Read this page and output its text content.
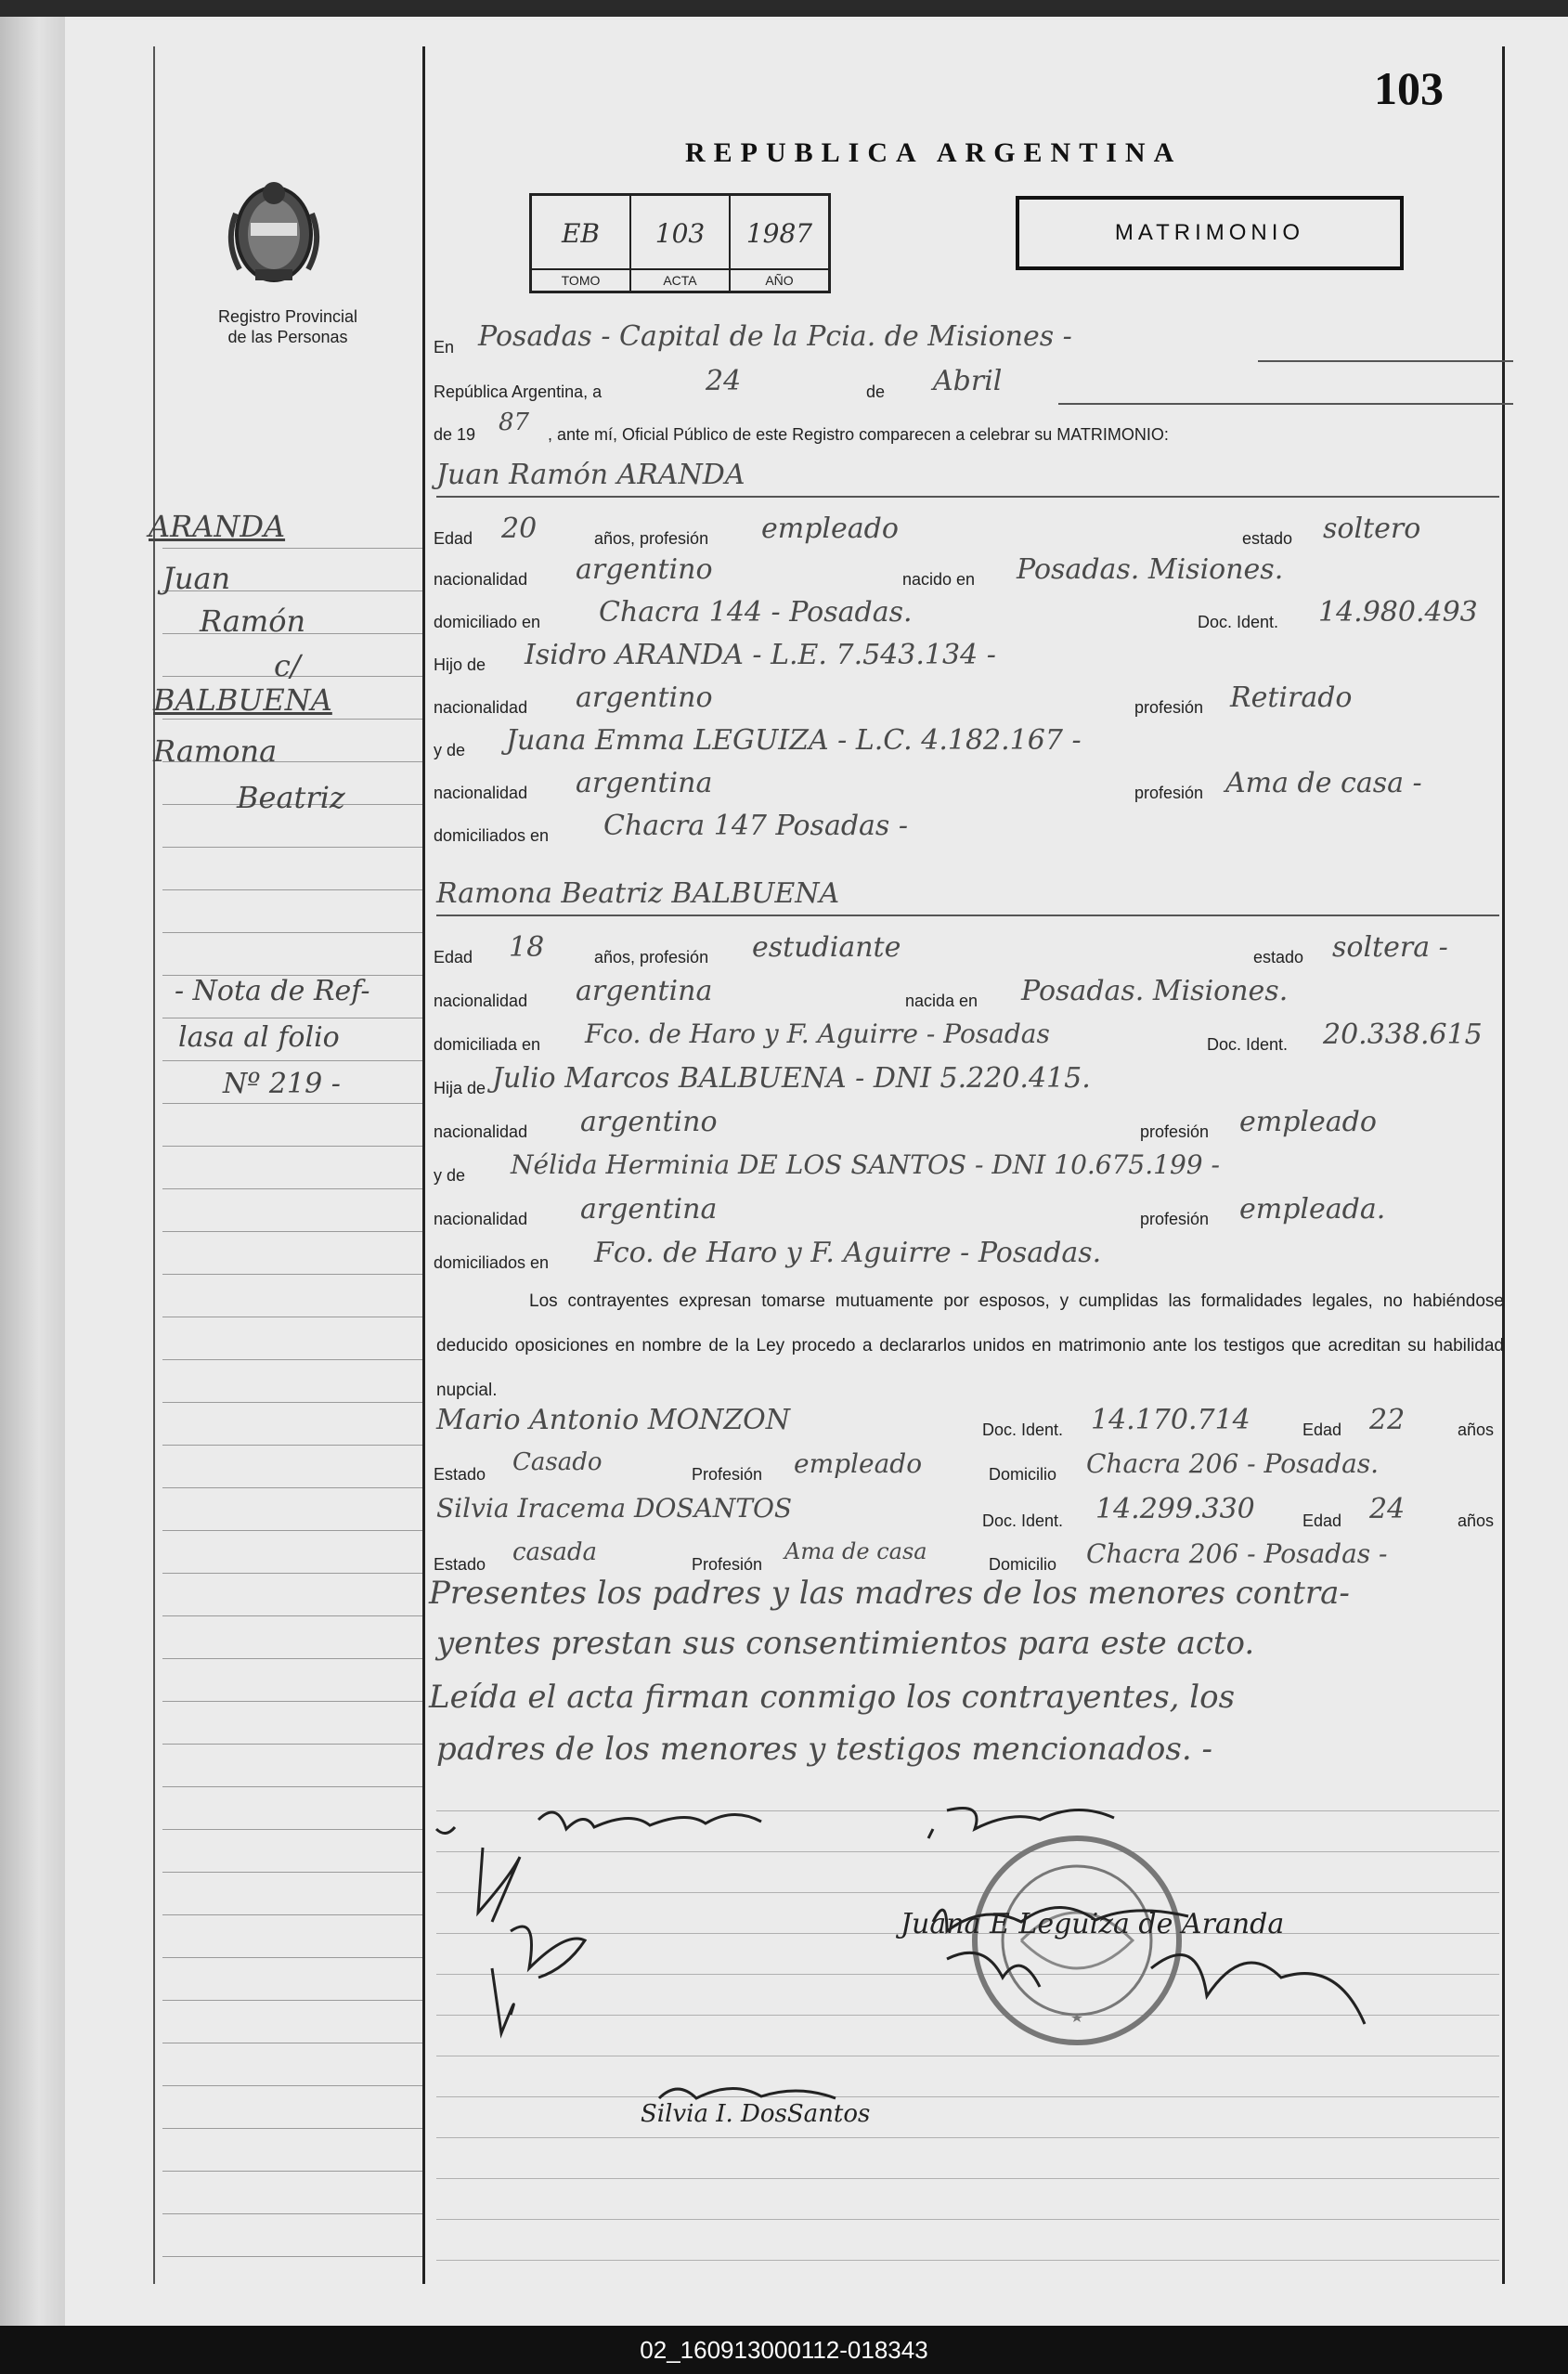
103
REPUBLICA ARGENTINA
Registro Provincial
de las Personas
EB
TOMO
103
ACTA
1987
AÑO
MATRIMONIO
ARANDA
Juan
Ramón
c/
BALBUENA
Ramona
Beatriz
- Nota de Ref-
lasa al folio
Nº 219 -
En Posadas - Capital de la Pcia. de Misiones -
República Argentina, a	24	de Abril
de 19 87 , ante mí, Oficial Público de este Registro comparecen a celebrar su MATRIMONIO:
Juan Ramón ARANDA
Edad 20	años, profesión empleado	estado soltero
nacionalidad argentino	nacido en Posadas. Misiones.
domiciliado en Chacra 144 - Posadas.	Doc. Ident. 14.980.493
Hijo de Isidro ARANDA - L.E. 7.543.134 -
nacionalidad argentino	profesión Retirado
y de Juana Emma LEGUIZA - L.C. 4.182.167 -
nacionalidad argentina	profesión Ama de casa -
domiciliados en Chacra 147 Posadas -
Ramona Beatriz BALBUENA
Edad 18	años, profesión estudiante	estado soltera -
nacionalidad argentina	nacida en Posadas. Misiones.
domiciliada en Fco. de Haro y F. Aguirre - Posadas	Doc. Ident. 20.338.615
Hija de Julio Marcos BALBUENA - DNI 5.220.415.
nacionalidad argentino	profesión empleado
y de Nélida Herminia DE LOS SANTOS - DNI 10.675.199 -
nacionalidad argentina	profesión empleada.
domiciliados en Fco. de Haro y F. Aguirre - Posadas.
Los contrayentes expresan tomarse mutuamente por esposos, y cumplidas las formalidades legales, no habiéndose deducido oposiciones en nombre de la Ley procedo a declararlos unidos en matrimonio ante los testigos que acreditan su habilidad nupcial.
Mario Antonio MONZON	Doc. Ident. 14.170.714	Edad 22	años
Estado Casado	Profesión empleado	Domicilio Chacra 206 - Posadas.
Silvia Iracema DOSANTOS	Doc. Ident. 14.299.330	Edad 24	años
Estado casada	Profesión Ama de casa	Domicilio Chacra 206 - Posadas -
Presentes los padres y las madres de los menores contra-
yentes prestan sus consentimientos para este acto.
Leída el acta firman conmigo los contrayentes, los
padres de los menores y testigos mencionados. -
Juana E Leguiza de Aranda
Silvia I. DosSantos
02_160913000112-018343
